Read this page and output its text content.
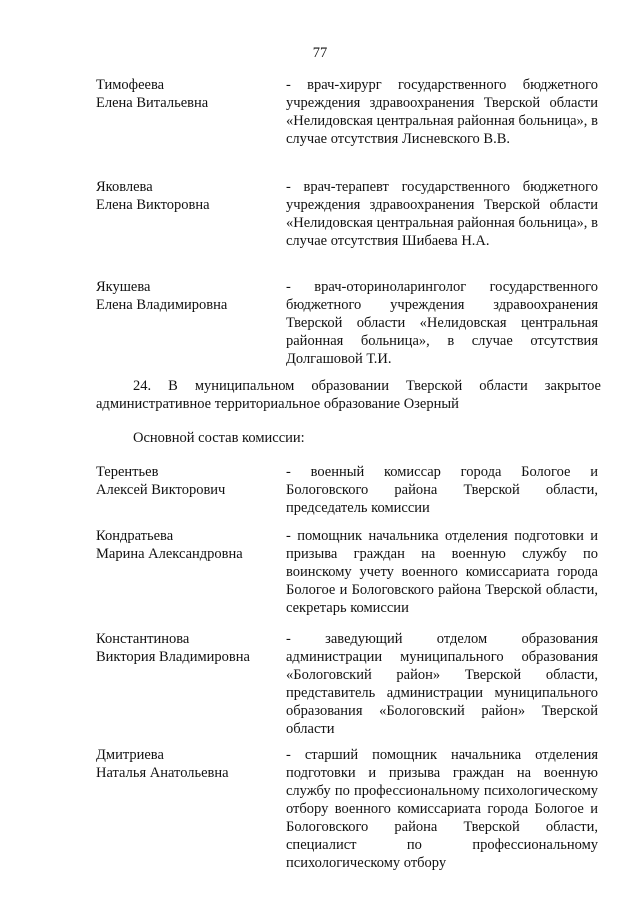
77
Тимофеева
Елена Витальевна
- врач-хирург государственного бюджетного учреждения здравоохранения Тверской области «Нелидовская центральная районная больница», в случае отсутствия Лисневского В.В.
Яковлева
Елена Викторовна
- врач-терапевт государственного бюджетного учреждения здравоохранения Тверской области «Нелидовская центральная районная больница», в случае отсутствия Шибаева Н.А.
Якушева
Елена Владимировна
- врач-оториноларинголог государственного бюджетного учреждения здравоохранения Тверской области «Нелидовская центральная районная больница», в случае отсутствия Долгашовой Т.И.
24. В муниципальном образовании Тверской области закрытое административное территориальное образование Озерный
Основной состав комиссии:
Терентьев
Алексей Викторович
- военный комиссар города Бологое и Бологовского района Тверской области, председатель комиссии
Кондратьева
Марина Александровна
- помощник начальника отделения подготовки и призыва граждан на военную службу по воинскому учету военного комиссариата города Бологое и Бологовского района Тверской области, секретарь комиссии
Константинова
Виктория Владимировна
- заведующий отделом образования администрации муниципального образования «Бологовский район» Тверской области, представитель администрации муниципального образования «Бологовский район» Тверской области
Дмитриева
Наталья Анатольевна
- старший помощник начальника отделения подготовки и призыва граждан на военную службу по профессиональному психологическому отбору военного комиссариата города Бологое и Бологовского района Тверской области, специалист по профессиональному психологическому отбору
